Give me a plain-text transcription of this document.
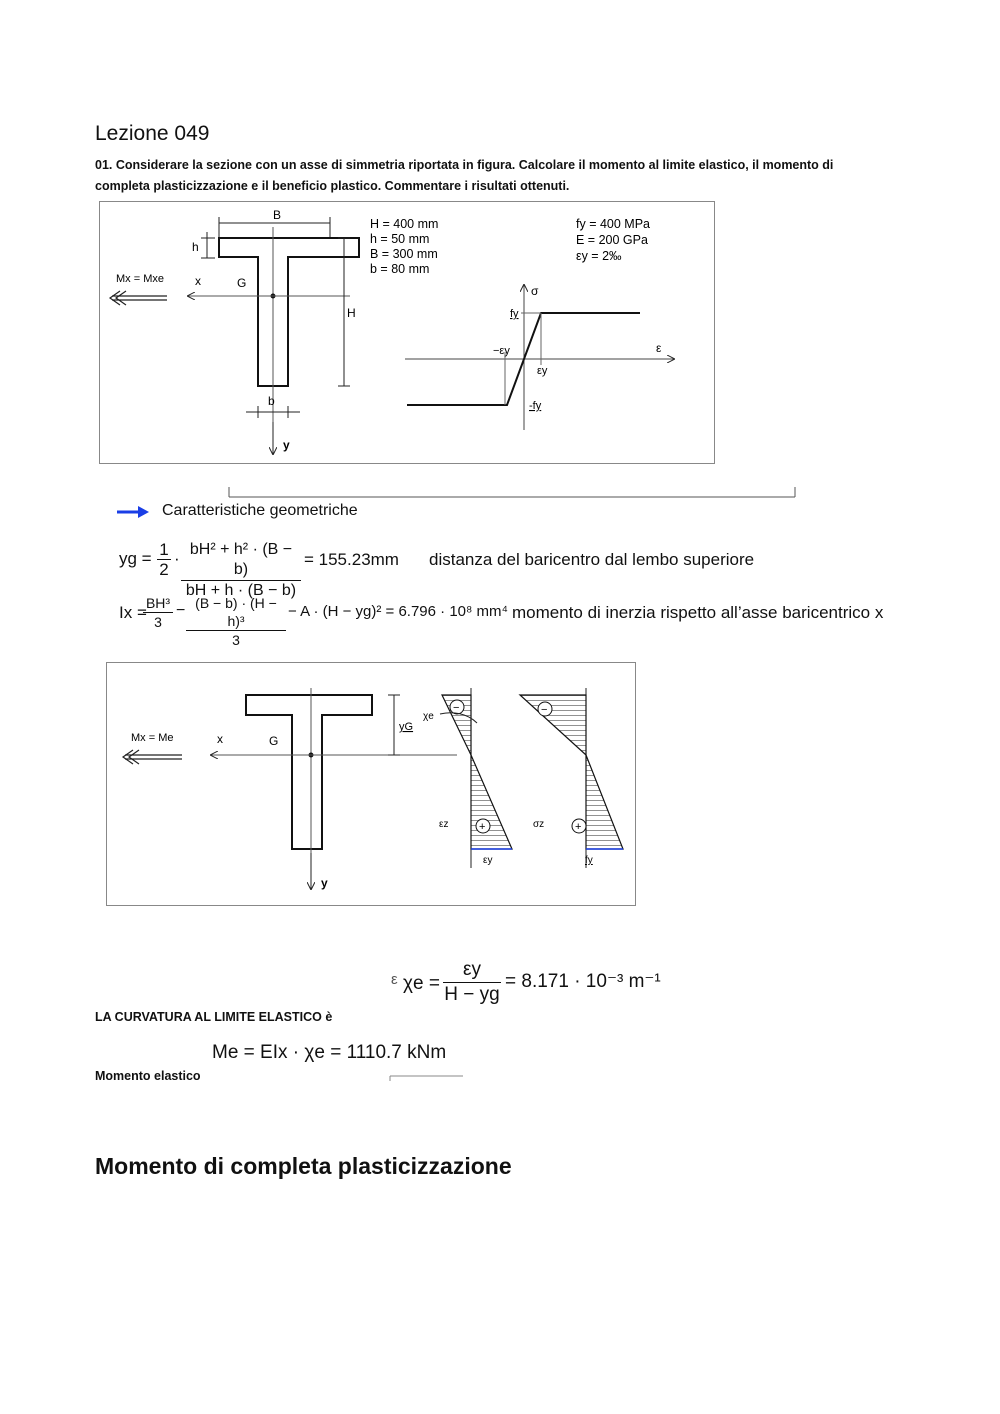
Lezione 049
01. Considerare la sezione con un asse di simmetria riportata in figura. Calcolare il momento al limite elastico, il momento di
completa plasticizzazione e il beneficio plastico. Commentare i risultati ottenuti.
B
h
x	G
Mx = Mxe
H
b
y
H = 400 mm
h = 50 mm
B = 300 mm
b = 80 mm
fy = 400 MPa
E = 200 GPa
εy = 2‰
σ
ε
fy
-fy
−εy
εy
Caratteristiche geometriche
yg = $\frac{1}{2} \cdot \frac{\text{bH² + h² · (B − b)}}{bH + h \cdot (B - b)} = 155.23mm$ distanza del baricentro dal lembo superiore
Ix =
$\frac{\text{BH³}}{3} - \frac{\text{(B − b) · (H − h)³}}{3} - A \cdot (H - yg)^2 = 6.796 \cdot 10^8$ mm⁴ momento di inerzia rispetto all’asse baricentrico x
x	G
Mx = Me
y
yG
−
+
χe
εz
εy
−
+
σz
fy
ε $\chi e = \frac{\varepsilon y}{H - yg} = 8.171 \cdot 10^{-3}$ m⁻¹
LA CURVATURA AL LIMITE ELASTICO è
Me = EIx · χe = 1110.7 kNm
Momento elastico
Momento di completa plasticizzazione
